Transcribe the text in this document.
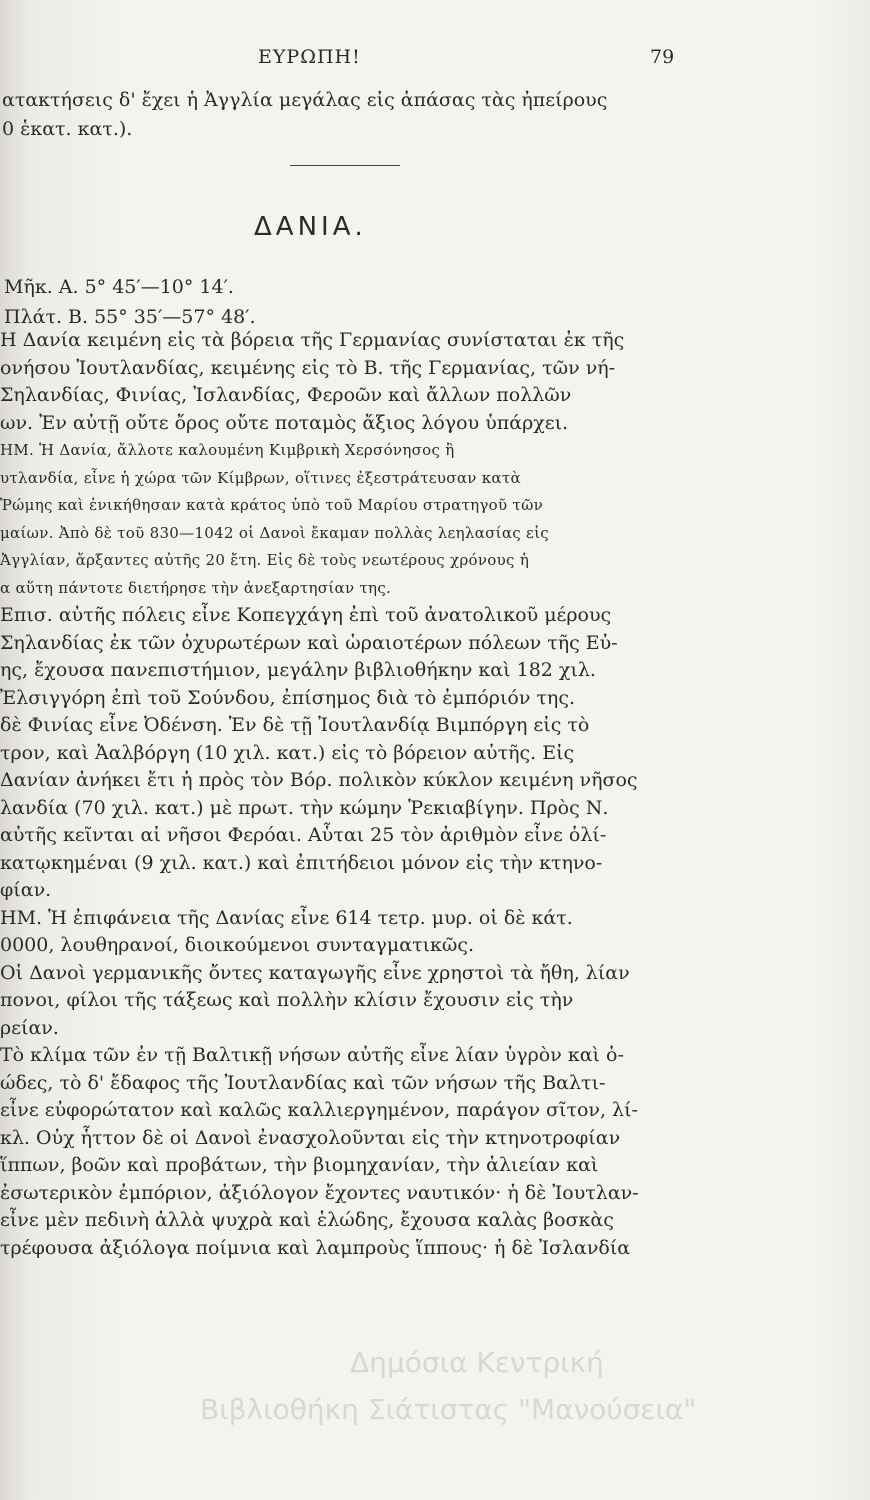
ΕΥΡΩΠΗ!	79
ατακτήσεις δ' ἔχει ἡ Ἀγγλία μεγάλας εἰς ἁπάσας τὰς ἠπείρους
0 ἑκατ. κατ.).
ΔΑΝΙΑ.
Μῆκ. Α. 5° 45′—10° 14′.
Πλάτ. Β. 55° 35′—57° 48′.
Η Δανία κειμένη εἰς τὰ βόρεια τῆς Γερμανίας συνίσταται ἐκ τῆς
ονήσου Ἰουτλανδίας, κειμένης εἰς τὸ Β. τῆς Γερμανίας, τῶν νή-
Σηλανδίας, Φινίας, Ἰσλανδίας, Φεροῶν καὶ ἄλλων πολλῶν
ων. Ἐν αὐτῇ οὔτε ὄρος οὔτε ποταμὸς ἄξιος λόγου ὑπάρχει.
ΗΜ. Ἡ Δανία, ἄλλοτε καλουμένη Κιμβρικὴ Χερσόνησος ἢ
υτλανδία, εἶνε ἡ χώρα τῶν Κίμβρων, οἵτινες ἐξεστράτευσαν κατὰ
Ῥώμης καὶ ἐνικήθησαν κατὰ κράτος ὑπὸ τοῦ Μαρίου στρατηγοῦ τῶν
μαίων. Ἀπὸ δὲ τοῦ 830—1042 οἱ Δανοὶ ἔκαμαν πολλὰς λεηλασίας εἰς
Ἀγγλίαν, ἄρξαντες αὐτῆς 20 ἔτη. Εἰς δὲ τοὺς νεωτέρους χρόνους ἡ
α αὕτη πάντοτε διετήρησε τὴν ἀνεξαρτησίαν της.
Επισ. αὐτῆς πόλεις εἶνε Κοπεγχάγη ἐπὶ τοῦ ἀνατολικοῦ μέρους
Σηλανδίας ἐκ τῶν ὀχυρωτέρων καὶ ὡραιοτέρων πόλεων τῆς Εὐ-
ης, ἔχουσα πανεπιστήμιον, μεγάλην βιβλιοθήκην καὶ 182 χιλ.
Ἐλσιγγόρη ἐπὶ τοῦ Σούνδου, ἐπίσημος διὰ τὸ ἐμπόριόν της.
δὲ Φινίας εἶνε Ὀδένση. Ἐν δὲ τῇ Ἰουτλανδίᾳ Βιμπόργη εἰς τὸ
τρον, καὶ Ἀαλβόργη (10 χιλ. κατ.) εἰς τὸ βόρειον αὐτῆς. Εἰς
Δανίαν ἀνήκει ἔτι ἡ πρὸς τὸν Βόρ. πολικὸν κύκλον κειμένη νῆσος
λανδία (70 χιλ. κατ.) μὲ πρωτ. τὴν κώμην Ῥεκιαβίγην. Πρὸς Ν.
αὐτῆς κεῖνται αἱ νῆσοι Φερόαι. Αὗται 25 τὸν ἀριθμὸν εἶνε ὀλί-
κατῳκημέναι (9 χιλ. κατ.) καὶ ἐπιτήδειοι μόνον εἰς τὴν κτηνο-
φίαν.
ΗΜ. Ἡ ἐπιφάνεια τῆς Δανίας εἶνε 614 τετρ. μυρ. οἱ δὲ κάτ.
0000, λουθηρανοί, διοικούμενοι συνταγματικῶς.
Οἱ Δανοὶ γερμανικῆς ὄντες καταγωγῆς εἶνε χρηστοὶ τὰ ἤθη, λίαν
πονοι, φίλοι τῆς τάξεως καὶ πολλὴν κλίσιν ἔχουσιν εἰς τὴν
ρείαν.
Τὸ κλίμα τῶν ἐν τῇ Βαλτικῇ νήσων αὐτῆς εἶνε λίαν ὑγρὸν καὶ ὁ-
ώδες, τὸ δ' ἔδαφος τῆς Ἰουτλανδίας καὶ τῶν νήσων τῆς Βαλτι-
εἶνε εὐφορώτατον καὶ καλῶς καλλιεργημένον, παράγον σῖτον, λί-
κλ. Οὐχ ἧττον δὲ οἱ Δανοὶ ἐνασχολοῦνται εἰς τὴν κτηνοτροφίαν
ἵππων, βοῶν καὶ προβάτων, τὴν βιομηχανίαν, τὴν ἁλιείαν καὶ
ἐσωτερικὸν ἐμπόριον, ἀξιόλογον ἔχοντες ναυτικόν· ἡ δὲ Ἰουτλαν-
εἶνε μὲν πεδινὴ ἀλλὰ ψυχρὰ καὶ ἑλώδης, ἔχουσα καλὰς βοσκὰς
τρέφουσα ἀξιόλογα ποίμνια καὶ λαμπροὺς ἵππους· ἡ δὲ Ἰσλανδία
Δημόσια Κεντρική
Βιβλιοθήκη Σιάτιστας "Μανούσεια"
